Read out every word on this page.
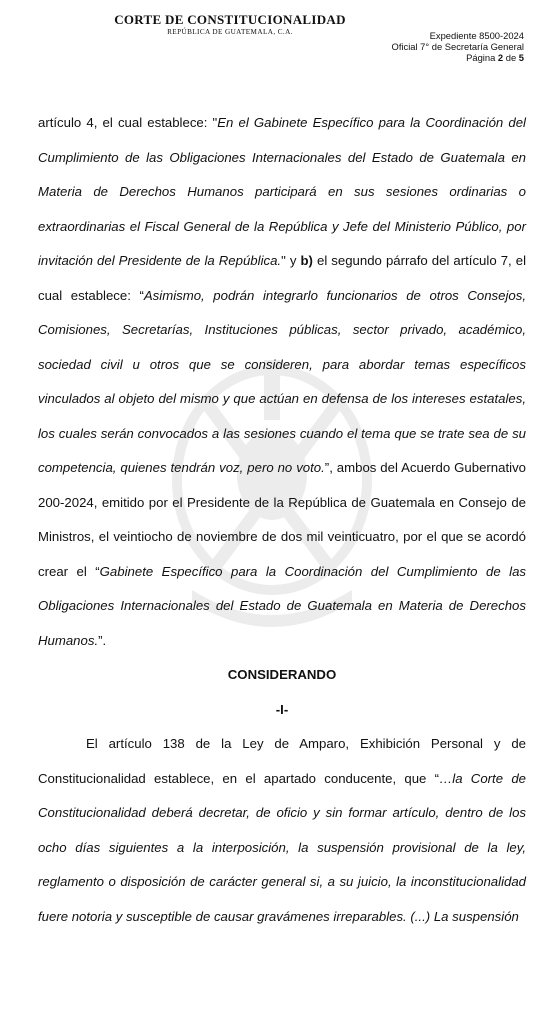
CORTE DE CONSTITUCIONALIDAD
REPÚBLICA DE GUATEMALA, C.A.	Expediente 8500-2024
Oficial 7° de Secretaría General
Página 2 de 5

artículo 4, el cual establece: "En el Gabinete Específico para la Coordinación del Cumplimiento de las Obligaciones Internacionales del Estado de Guatemala en Materia de Derechos Humanos participará en sus sesiones ordinarias o extraordinarias el Fiscal General de la República y Jefe del Ministerio Público, por invitación del Presidente de la República." y b) el segundo párrafo del artículo 7, el cual establece: “Asimismo, podrán integrarlo funcionarios de otros Consejos, Comisiones, Secretarías, Instituciones públicas, sector privado, académico, sociedad civil u otros que se consideren, para abordar temas específicos vinculados al objeto del mismo y que actúan en defensa de los intereses estatales, los cuales serán convocados a las sesiones cuando el tema que se trate sea de su competencia, quienes tendrán voz, pero no voto.”, ambos del Acuerdo Gubernativo 200-2024, emitido por el Presidente de la República de Guatemala en Consejo de Ministros, el veintiocho de noviembre de dos mil veinticuatro, por el que se acordó crear el “Gabinete Específico para la Coordinación del Cumplimiento de las Obligaciones Internacionales del Estado de Guatemala en Materia de Derechos Humanos.”.

CONSIDERANDO

-I-

El artículo 138 de la Ley de Amparo, Exhibición Personal y de Constitucionalidad establece, en el apartado conducente, que “…la Corte de Constitucionalidad deberá decretar, de oficio y sin formar artículo, dentro de los ocho días siguientes a la interposición, la suspensión provisional de la ley, reglamento o disposición de carácter general si, a su juicio, la inconstitucionalidad fuere notoria y susceptible de causar gravámenes irreparables. (...) La suspensión
